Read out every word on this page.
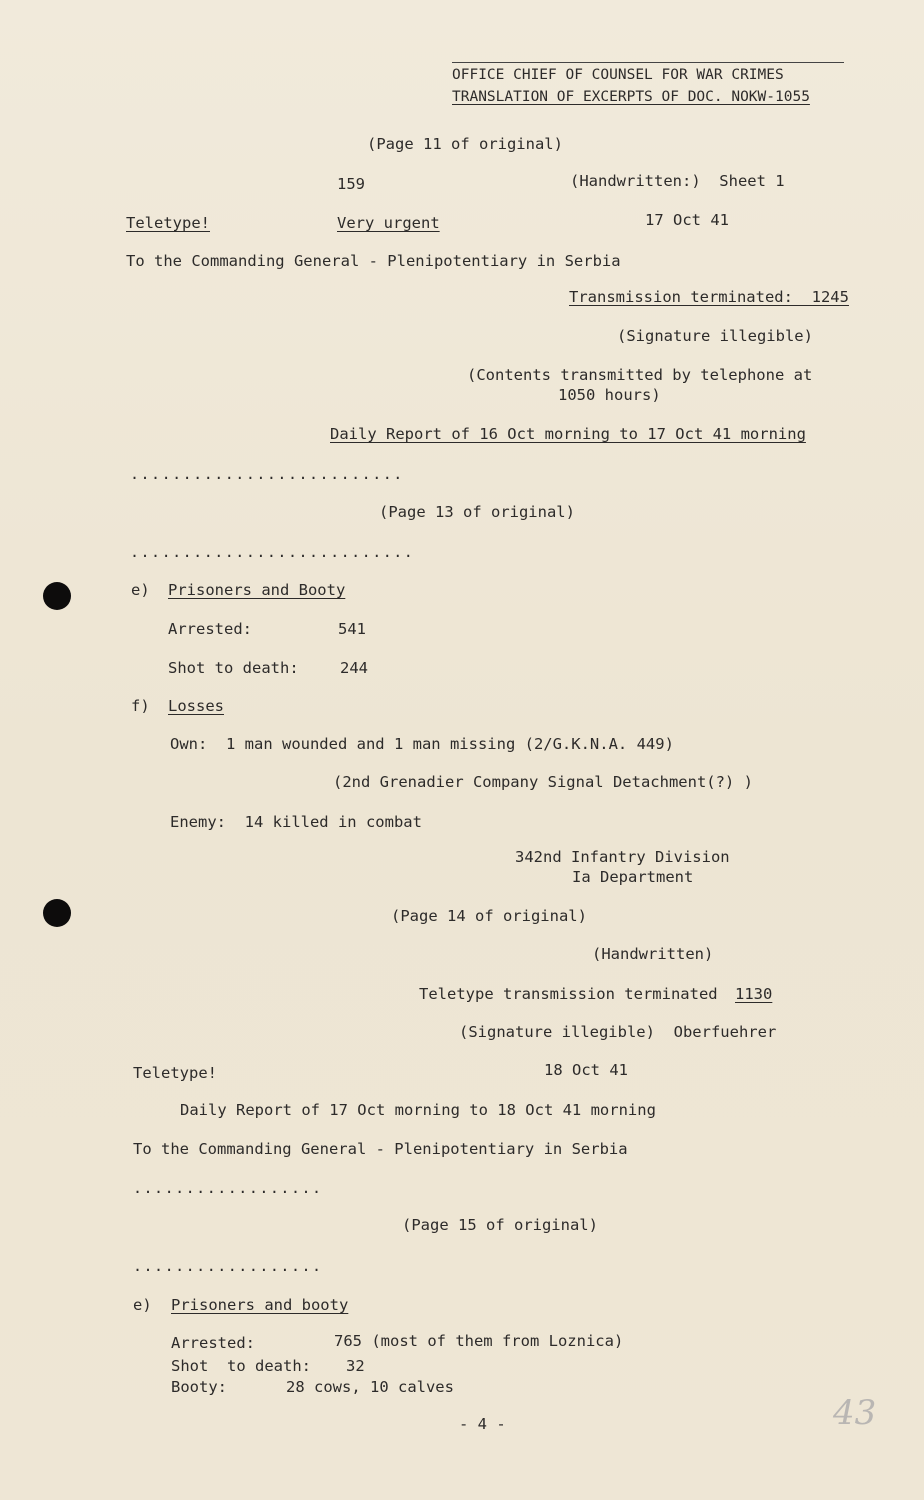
OFFICE CHIEF OF COUNSEL FOR WAR CRIMES
TRANSLATION OF EXCERPTS OF DOC. NOKW-1055
(Page 11 of original)
159	(Handwritten:)  Sheet 1
Teletype!	Very urgent	17 Oct 41
To the Commanding General - Plenipotentiary in Serbia
Transmission terminated:  1245
(Signature illegible)
(Contents transmitted by telephone at
1050 hours)
Daily Report of 16 Oct morning to 17 Oct 41 morning
..........................
(Page 13 of original)
...........................
e) Prisoners and Booty
Arrested:	541
Shot to death:	244
f) Losses
Own:  1 man wounded and 1 man missing (2/G.K.N.A. 449)
(2nd Grenadier Company Signal Detachment(?) )
Enemy:  14 killed in combat
342nd Infantry Division
Ia Department
(Page 14 of original)
(Handwritten)
Teletype transmission terminated 1130
(Signature illegible)  Oberfuehrer
Teletype!	18 Oct 41
Daily Report of 17 Oct morning to 18 Oct 41 morning
To the Commanding General - Plenipotentiary in Serbia
..................
(Page 15 of original)
..................
e) Prisoners and booty
Arrested:	765 (most of them from Loznica)
Shot  to death: 32
Booty:	28 cows, 10 calves
- 4 -	43
